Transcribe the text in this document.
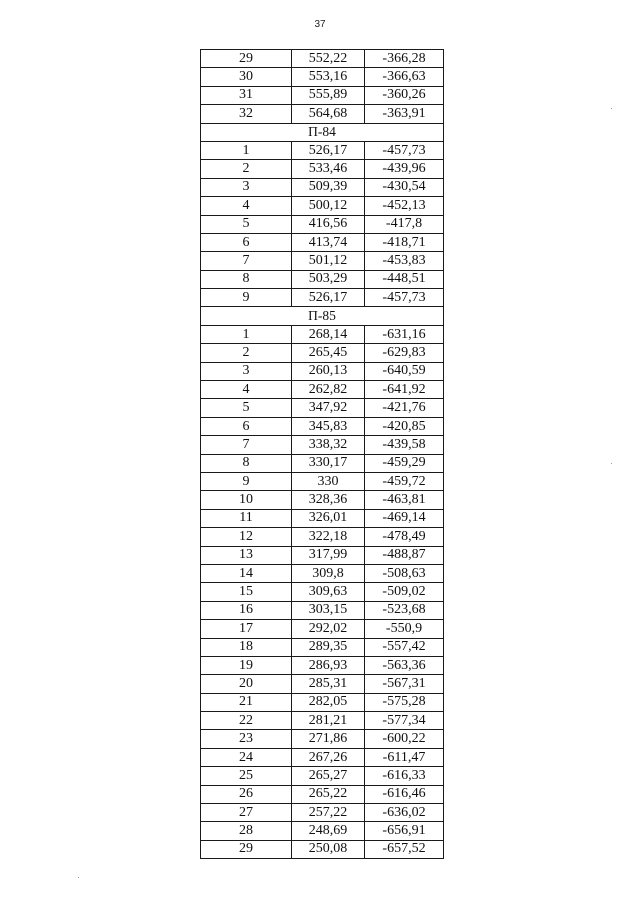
37
29	552,22	-366,28
30	553,16	-366,63
31	555,89	-360,26
32	564,68	-363,91
П-84		
1	526,17	-457,73
2	533,46	-439,96
3	509,39	-430,54
4	500,12	-452,13
5	416,56	-417,8
6	413,74	-418,71
7	501,12	-453,83
8	503,29	-448,51
9	526,17	-457,73
П-85		
1	268,14	-631,16
2	265,45	-629,83
3	260,13	-640,59
4	262,82	-641,92
5	347,92	-421,76
6	345,83	-420,85
7	338,32	-439,58
8	330,17	-459,29
9	330	-459,72
10	328,36	-463,81
11	326,01	-469,14
12	322,18	-478,49
13	317,99	-488,87
14	309,8	-508,63
15	309,63	-509,02
16	303,15	-523,68
17	292,02	-550,9
18	289,35	-557,42
19	286,93	-563,36
20	285,31	-567,31
21	282,05	-575,28
22	281,21	-577,34
23	271,86	-600,22
24	267,26	-611,47
25	265,27	-616,33
26	265,22	-616,46
27	257,22	-636,02
28	248,69	-656,91
29	250,08	-657,52
